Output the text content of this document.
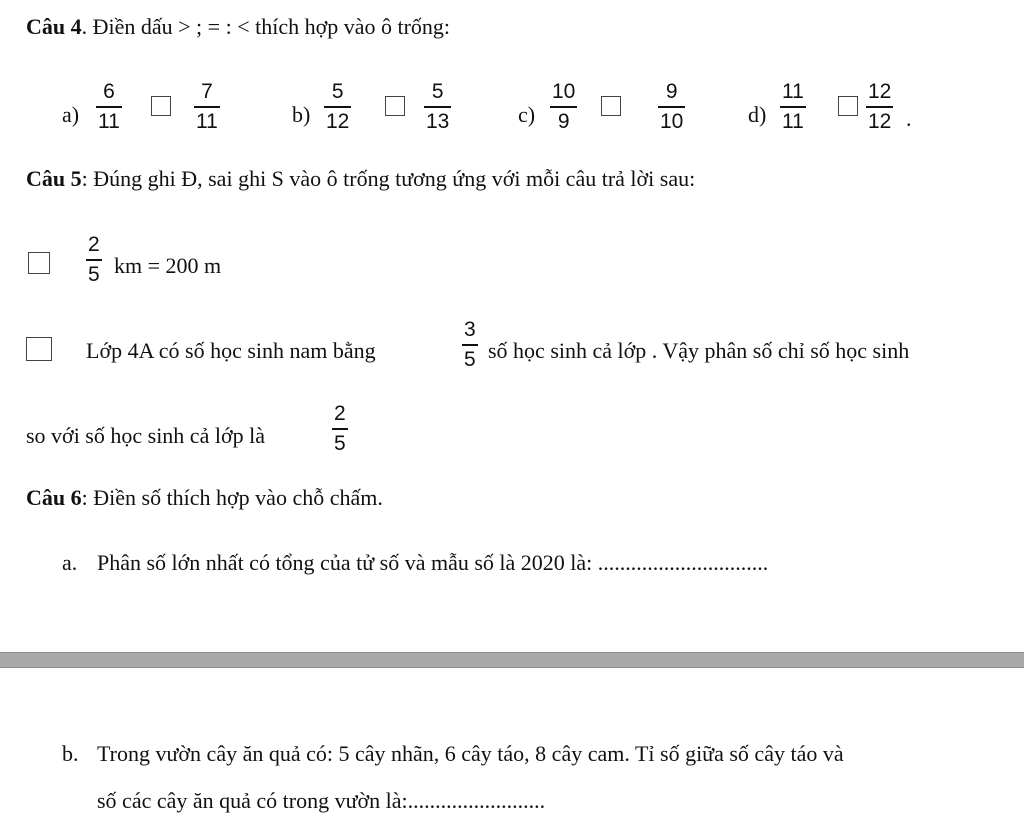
Câu 4. Điền dấu > ; = : < thích hợp vào ô trống:
a)
6
11
7
11	b)
5
12
5
13	c)
10
9
9
10	d)
11
11
12
12 .
Câu 5: Đúng ghi Đ, sai ghi S vào ô trống tương ứng với mỗi câu trả lời sau:
2
5 km = 200 m
Lớp 4A có số học sinh nam bằng
3
5 số học sinh cả lớp . Vậy phân số chỉ số học sinh
so với số học sinh cả lớp là
2
5
Câu 6: Điền số thích hợp vào chỗ chấm.
a. Phân số lớn nhất có tổng của tử số và mẫu số là 2020 là: ...............................
b. Trong vườn cây ăn quả có: 5 cây nhãn, 6 cây táo, 8 cây cam. Tỉ số giữa số cây táo và
số các cây ăn quả có trong vườn là:.........................
